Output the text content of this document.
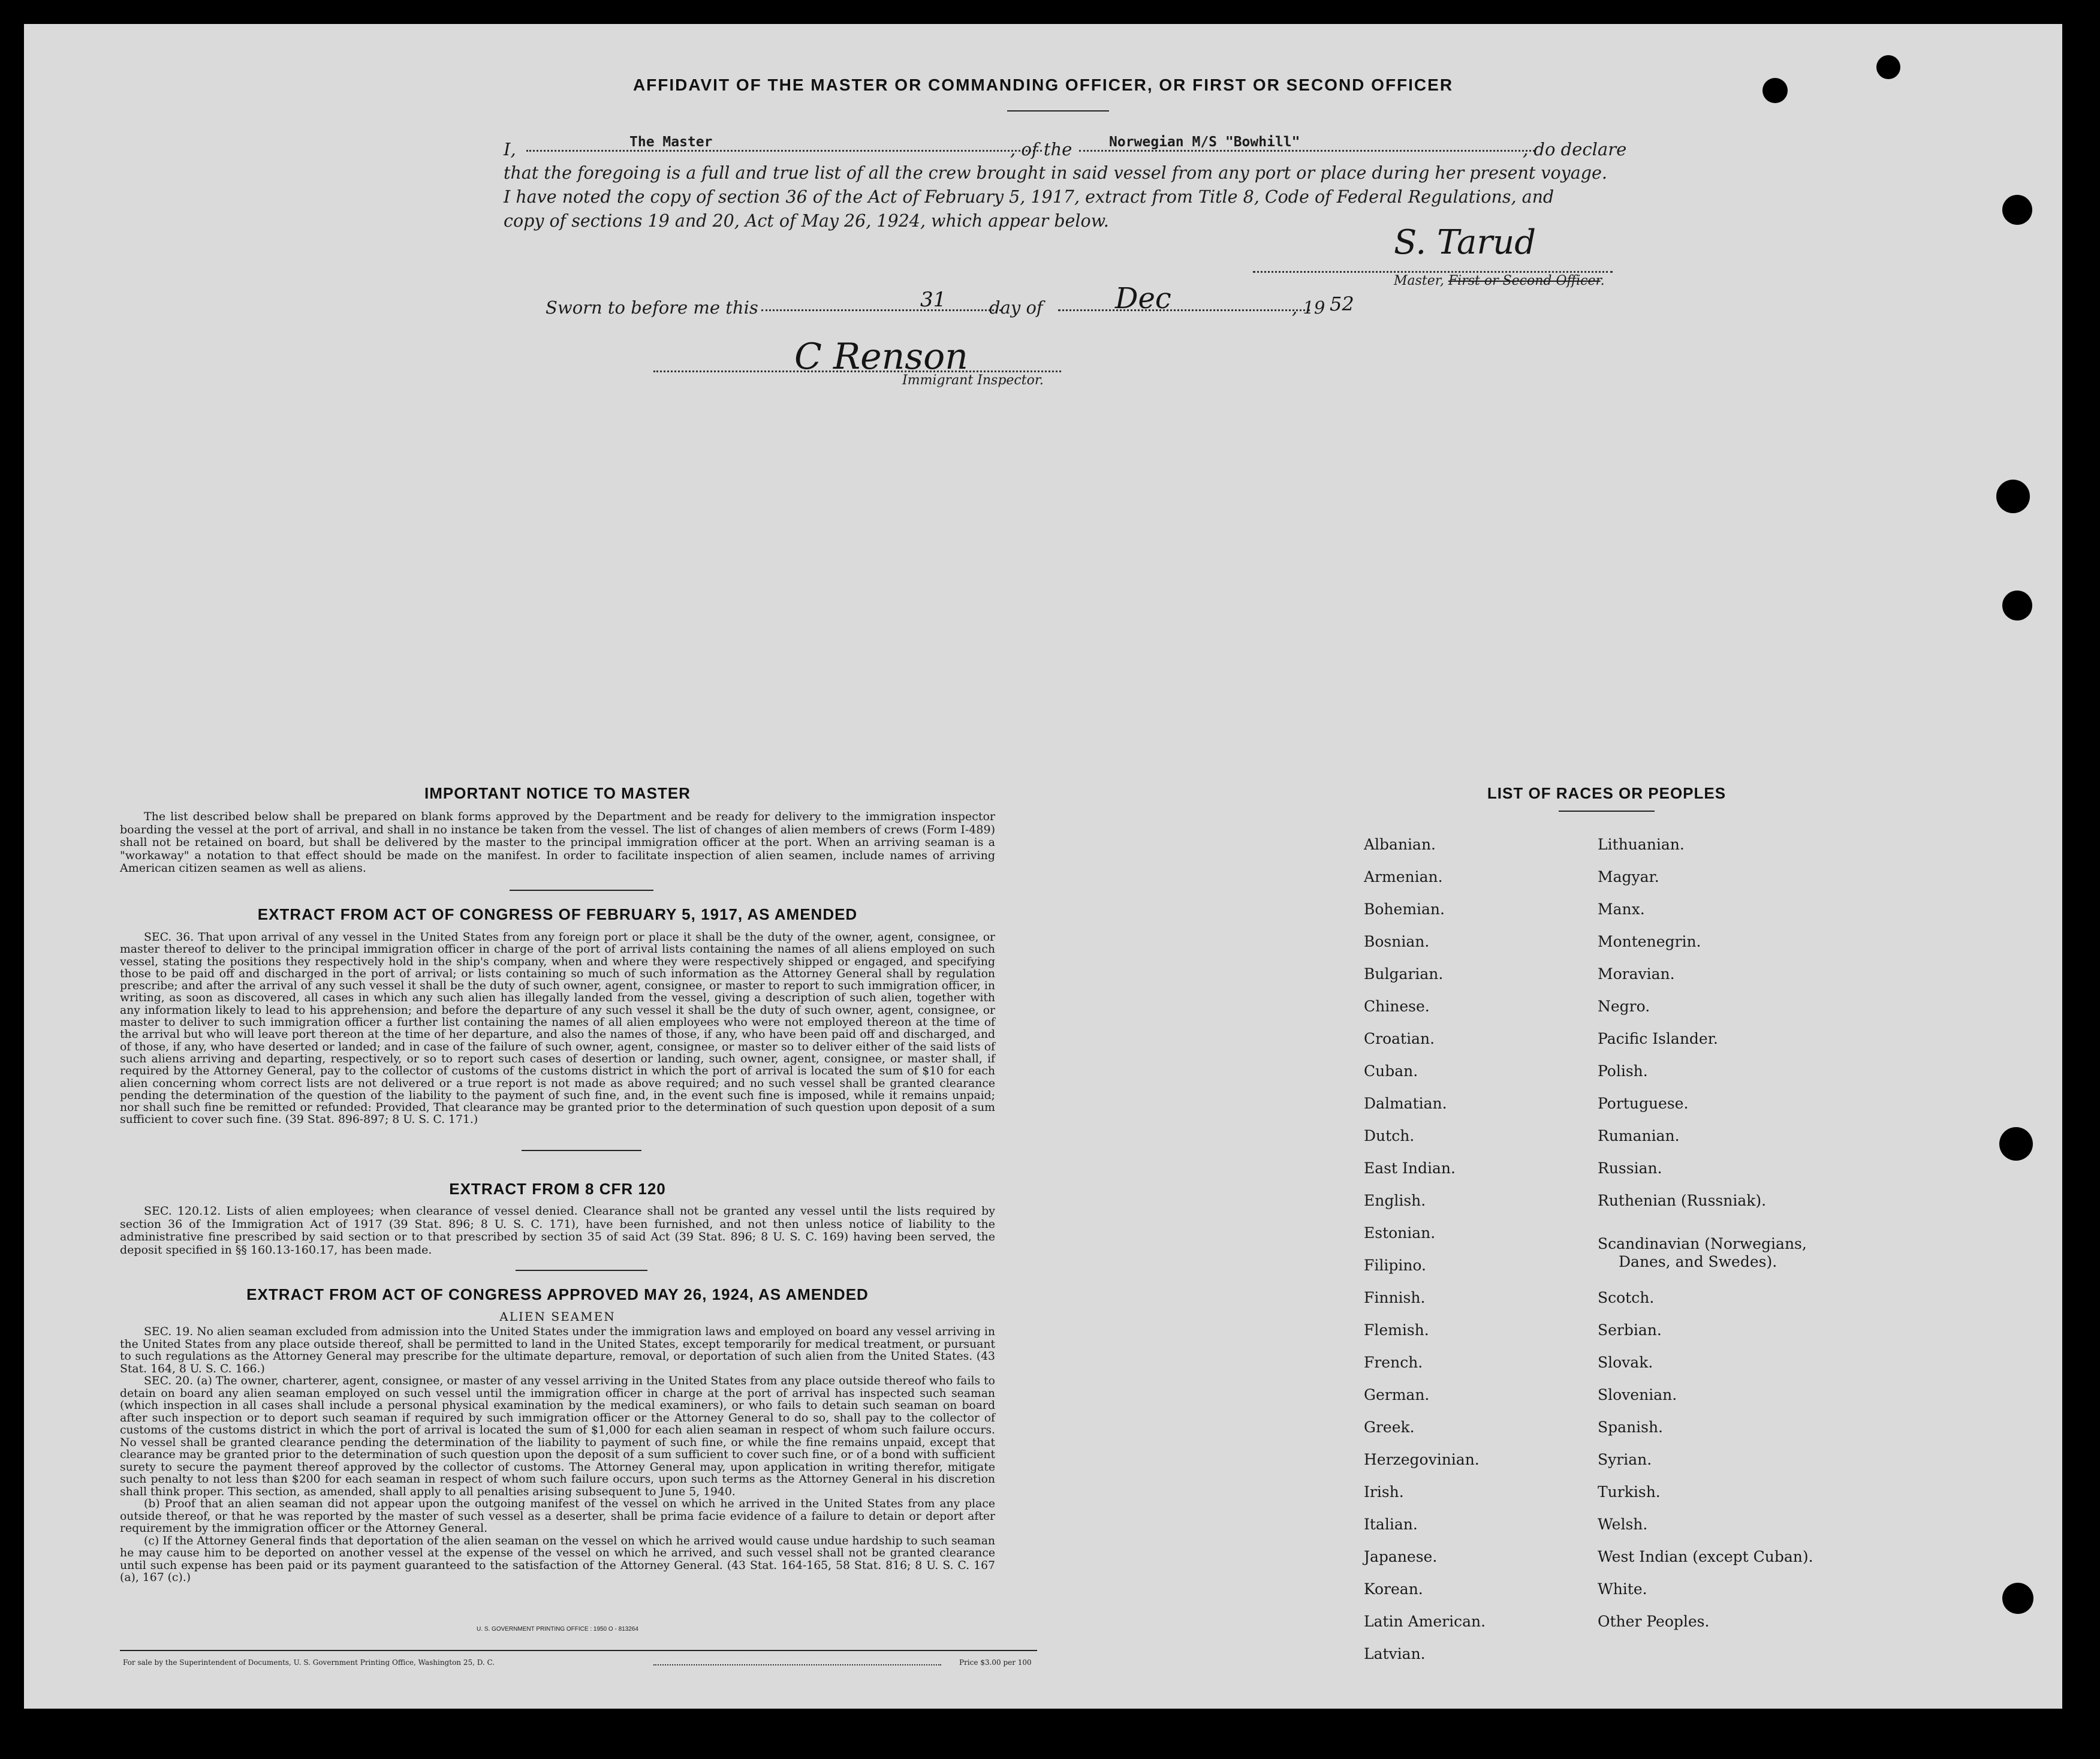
AFFIDAVIT OF THE MASTER OR COMMANDING OFFICER, OR FIRST OR SECOND OFFICER
I,	The Master	, of the	Norwegian M/S "Bowhill"	, do declare
that the foregoing is a full and true list of all the crew brought in said vessel from any port or place during her present voyage.
I have noted the copy of section 36 of the Act of February 5, 1917, extract from Title 8, Code of Federal Regulations, and
copy of sections 19 and 20, Act of May 26, 1924, which appear below.
S. Tarud
Master, First or Second Officer.
Sworn to before me this	31 day of	Dec	, 19 52
C Renson
Immigrant Inspector.
IMPORTANT NOTICE TO MASTER
The list described below shall be prepared on blank forms approved by the Department and be ready for delivery to the immigration inspector boarding the vessel at the port of arrival, and shall in no instance be taken from the vessel. The list of changes of alien members of crews (Form I-489) shall not be retained on board, but shall be delivered by the master to the principal immigration officer at the port. When an arriving seaman is a "workaway" a notation to that effect should be made on the manifest. In order to facilitate inspection of alien seamen, include names of arriving American citizen seamen as well as aliens.
EXTRACT FROM ACT OF CONGRESS OF FEBRUARY 5, 1917, AS AMENDED
SEC. 36. That upon arrival of any vessel in the United States from any foreign port or place it shall be the duty of the owner, agent, consignee, or master thereof to deliver to the principal immigration officer in charge of the port of arrival lists containing the names of all aliens employed on such vessel, stating the positions they respectively hold in the ship's company, when and where they were respectively shipped or engaged, and specifying those to be paid off and discharged in the port of arrival; or lists containing so much of such information as the Attorney General shall by regulation prescribe; and after the arrival of any such vessel it shall be the duty of such owner, agent, consignee, or master to report to such immigration officer, in writing, as soon as discovered, all cases in which any such alien has illegally landed from the vessel, giving a description of such alien, together with any information likely to lead to his apprehension; and before the departure of any such vessel it shall be the duty of such owner, agent, consignee, or master to deliver to such immigration officer a further list containing the names of all alien employees who were not employed thereon at the time of the arrival but who will leave port thereon at the time of her departure, and also the names of those, if any, who have been paid off and discharged, and of those, if any, who have deserted or landed; and in case of the failure of such owner, agent, consignee, or master so to deliver either of the said lists of such aliens arriving and departing, respectively, or so to report such cases of desertion or landing, such owner, agent, consignee, or master shall, if required by the Attorney General, pay to the collector of customs of the customs district in which the port of arrival is located the sum of $10 for each alien concerning whom correct lists are not delivered or a true report is not made as above required; and no such vessel shall be granted clearance pending the determination of the question of the liability to the payment of such fine, and, in the event such fine is imposed, while it remains unpaid; nor shall such fine be remitted or refunded: Provided, That clearance may be granted prior to the determination of such question upon deposit of a sum sufficient to cover such fine. (39 Stat. 896-897; 8 U. S. C. 171.)
EXTRACT FROM 8 CFR 120
SEC. 120.12. Lists of alien employees; when clearance of vessel denied. Clearance shall not be granted any vessel until the lists required by section 36 of the Immigration Act of 1917 (39 Stat. 896; 8 U. S. C. 171), have been furnished, and not then unless notice of liability to the administrative fine prescribed by said section or to that prescribed by section 35 of said Act (39 Stat. 896; 8 U. S. C. 169) having been served, the deposit specified in §§ 160.13-160.17, has been made.
EXTRACT FROM ACT OF CONGRESS APPROVED MAY 26, 1924, AS AMENDED
ALIEN SEAMEN
SEC. 19. No alien seaman excluded from admission into the United States under the immigration laws and employed on board any vessel arriving in the United States from any place outside thereof, shall be permitted to land in the United States, except temporarily for medical treatment, or pursuant to such regulations as the Attorney General may prescribe for the ultimate departure, removal, or deportation of such alien from the United States. (43 Stat. 164, 8 U. S. C. 166.)
SEC. 20. (a) The owner, charterer, agent, consignee, or master of any vessel arriving in the United States from any place outside thereof who fails to detain on board any alien seaman employed on such vessel until the immigration officer in charge at the port of arrival has inspected such seaman (which inspection in all cases shall include a personal physical examination by the medical examiners), or who fails to detain such seaman on board after such inspection or to deport such seaman if required by such immigration officer or the Attorney General to do so, shall pay to the collector of customs of the customs district in which the port of arrival is located the sum of $1,000 for each alien seaman in respect of whom such failure occurs. No vessel shall be granted clearance pending the determination of the liability to payment of such fine, or while the fine remains unpaid, except that clearance may be granted prior to the determination of such question upon the deposit of a sum sufficient to cover such fine, or of a bond with sufficient surety to secure the payment thereof approved by the collector of customs. The Attorney General may, upon application in writing therefor, mitigate such penalty to not less than $200 for each seaman in respect of whom such failure occurs, upon such terms as the Attorney General in his discretion shall think proper. This section, as amended, shall apply to all penalties arising subsequent to June 5, 1940.
(b) Proof that an alien seaman did not appear upon the outgoing manifest of the vessel on which he arrived in the United States from any place outside thereof, or that he was reported by the master of such vessel as a deserter, shall be prima facie evidence of a failure to detain or deport after requirement by the immigration officer or the Attorney General.
(c) If the Attorney General finds that deportation of the alien seaman on the vessel on which he arrived would cause undue hardship to such seaman he may cause him to be deported on another vessel at the expense of the vessel on which he arrived, and such vessel shall not be granted clearance until such expense has been paid or its payment guaranteed to the satisfaction of the Attorney General. (43 Stat. 164-165, 58 Stat. 816; 8 U. S. C. 167 (a), 167 (c).)
U. S. GOVERNMENT PRINTING OFFICE : 1950 O - 813264
For sale by the Superintendent of Documents, U. S. Government Printing Office, Washington 25, D. C.	Price $3.00 per 100
LIST OF RACES OR PEOPLES
Albanian.
Armenian.
Bohemian.
Bosnian.
Bulgarian.
Chinese.
Croatian.
Cuban.
Dalmatian.
Dutch.
East Indian.
English.
Estonian.
Filipino.
Finnish.
Flemish.
French.
German.
Greek.
Herzegovinian.
Irish.
Italian.
Japanese.
Korean.
Latin American.
Latvian.
Lithuanian.
Magyar.
Manx.
Montenegrin.
Moravian.
Negro.
Pacific Islander.
Polish.
Portuguese.
Rumanian.
Russian.
Ruthenian (Russniak).
Scandinavian (Norwegians,
Danes, and Swedes).
Scotch.
Serbian.
Slovak.
Slovenian.
Spanish.
Syrian.
Turkish.
Welsh.
West Indian (except Cuban).
White.
Other Peoples.
